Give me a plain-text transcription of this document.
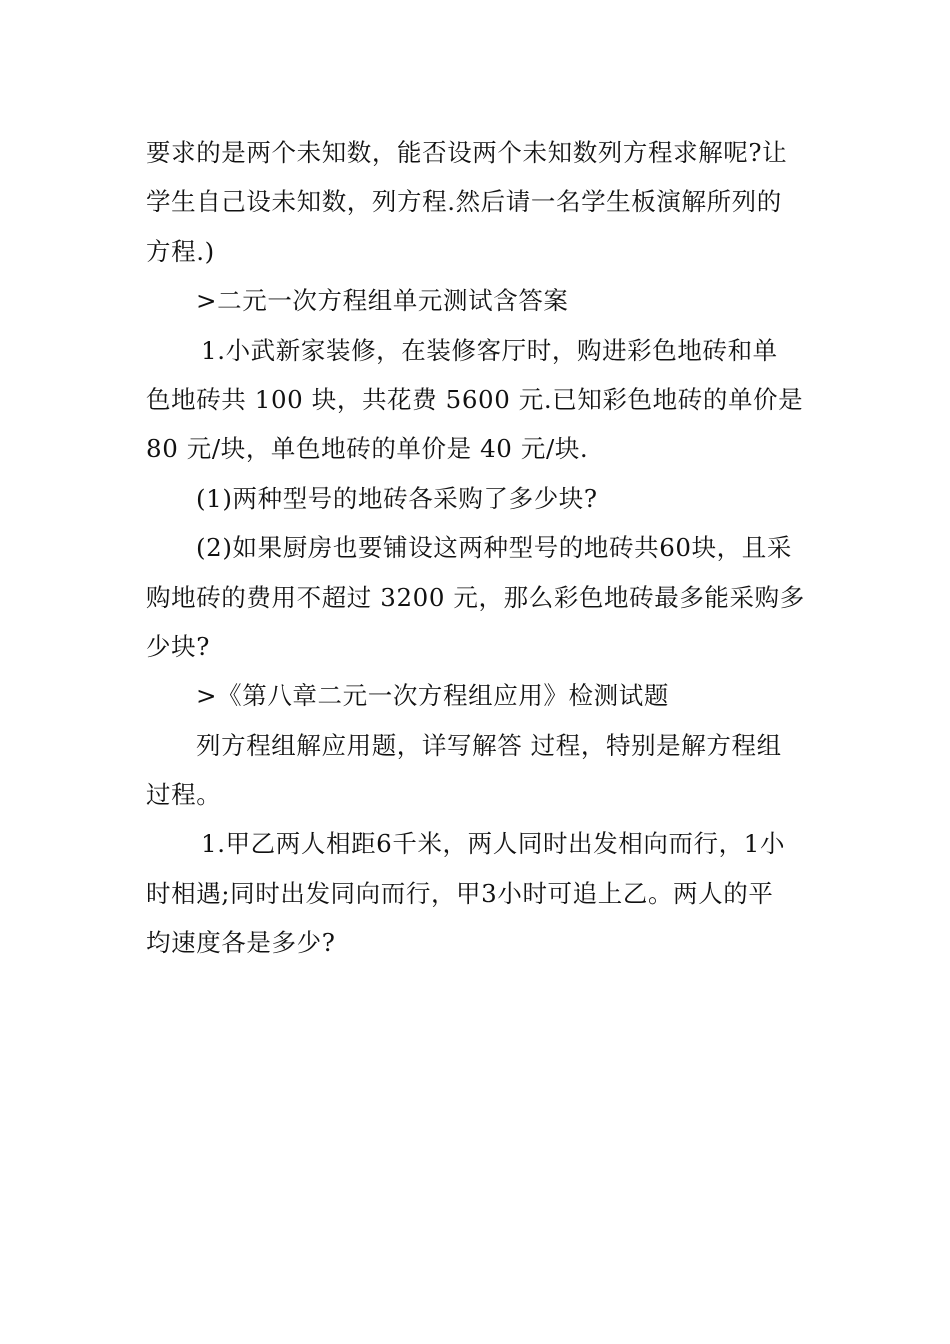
要求的是两个未知数，能否设两个未知数列方程求解呢?让

学生自己设未知数，列方程.然后请一名学生板演解所列的

方程.)

>二元一次方程组单元测试含答案

1.小武新家装修，在装修客厅时，购进彩色地砖和单

色地砖共 100 块，共花费 5600 元.已知彩色地砖的单价是

80 元/块，单色地砖的单价是 40 元/块.

(1)两种型号的地砖各采购了多少块?

(2)如果厨房也要铺设这两种型号的地砖共60块，且采

购地砖的费用不超过 3200 元，那么彩色地砖最多能采购多

少块?

>《第八章二元一次方程组应用》检测试题

列方程组解应用题，详写解答 过程，特别是解方程组

过程。

1.甲乙两人相距6千米，两人同时出发相向而行，1小

时相遇;同时出发同向而行，甲3小时可追上乙。两人的平

均速度各是多少?
